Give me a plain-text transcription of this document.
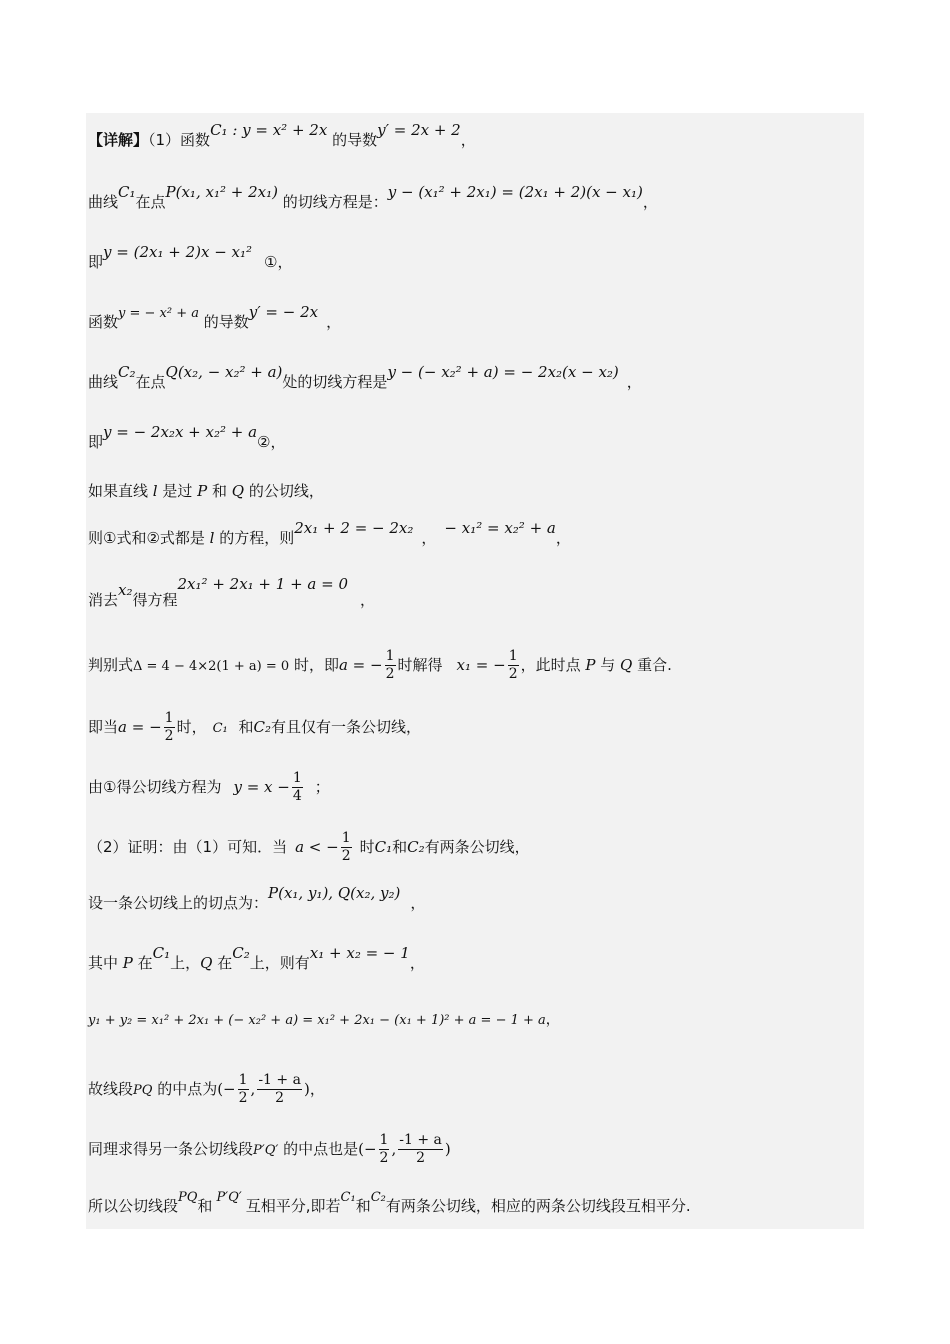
【详解】（1）函数C₁ : y = x² + 2x 的导数y′ = 2x + 2，
曲线C₁在点P(x₁, x₁² + 2x₁) 的切线方程是：y − (x₁² + 2x₁) = (2x₁ + 2)(x − x₁)，
即y = (2x₁ + 2)x − x₁²①，
函数y = − x² + a 的导数y′ = − 2x，
曲线C₂在点Q(x₂, − x₂² + a)处的切线方程是y − (− x₂² + a) = − 2x₂(x − x₂)，
即y = − 2x₂x + x₂² + a②，
如果直线 l 是过 P 和 Q 的公切线，
则①式和②式都是 l 的方程，则2x₁ + 2 = − 2x₂，− x₁² = x₂² + a，
消去x₂得方程2x₁² + 2x₁ + 1 + a = 0，
判别式Δ = 4 − 4×2(1 + a) = 0 时，即a = − $\frac{1}{2}$ 时解得 x₁ = − $\frac{1}{2}$ ，此时点 P 与 Q 重合.
即当a = − $\frac{1}{2}$ 时， C₁ 和C₂有且仅有一条公切线，
由①得公切线方程为 $y = x - \frac{1}{4}$ ；
（2）证明：由（1）可知．当 a < − $\frac{1}{2}$ 时C₁和C₂有两条公切线，
设一条公切线上的切点为：P(x₁, y₁), Q(x₂, y₂)，
其中 P 在C₁上，Q 在C₂上，则有x₁ + x₂ = − 1，
y₁ + y₂ = x₁² + 2x₁ + (− x₂² + a) = x₁² + 2x₁ − (x₁ + 1)² + a = − 1 + a，
故线段PQ 的中点为(− $\frac{1}{2}$ , $\frac{-1 + a}{2}$ )，
同理求得另一条公切线段P′Q′ 的中点也是(− $\frac{1}{2}$ , $\frac{-1 + a}{2}$ )
所以公切线段PQ和 P′Q′ 互相平分,即若C₁和C₂有两条公切线，相应的两条公切线段互相平分.
